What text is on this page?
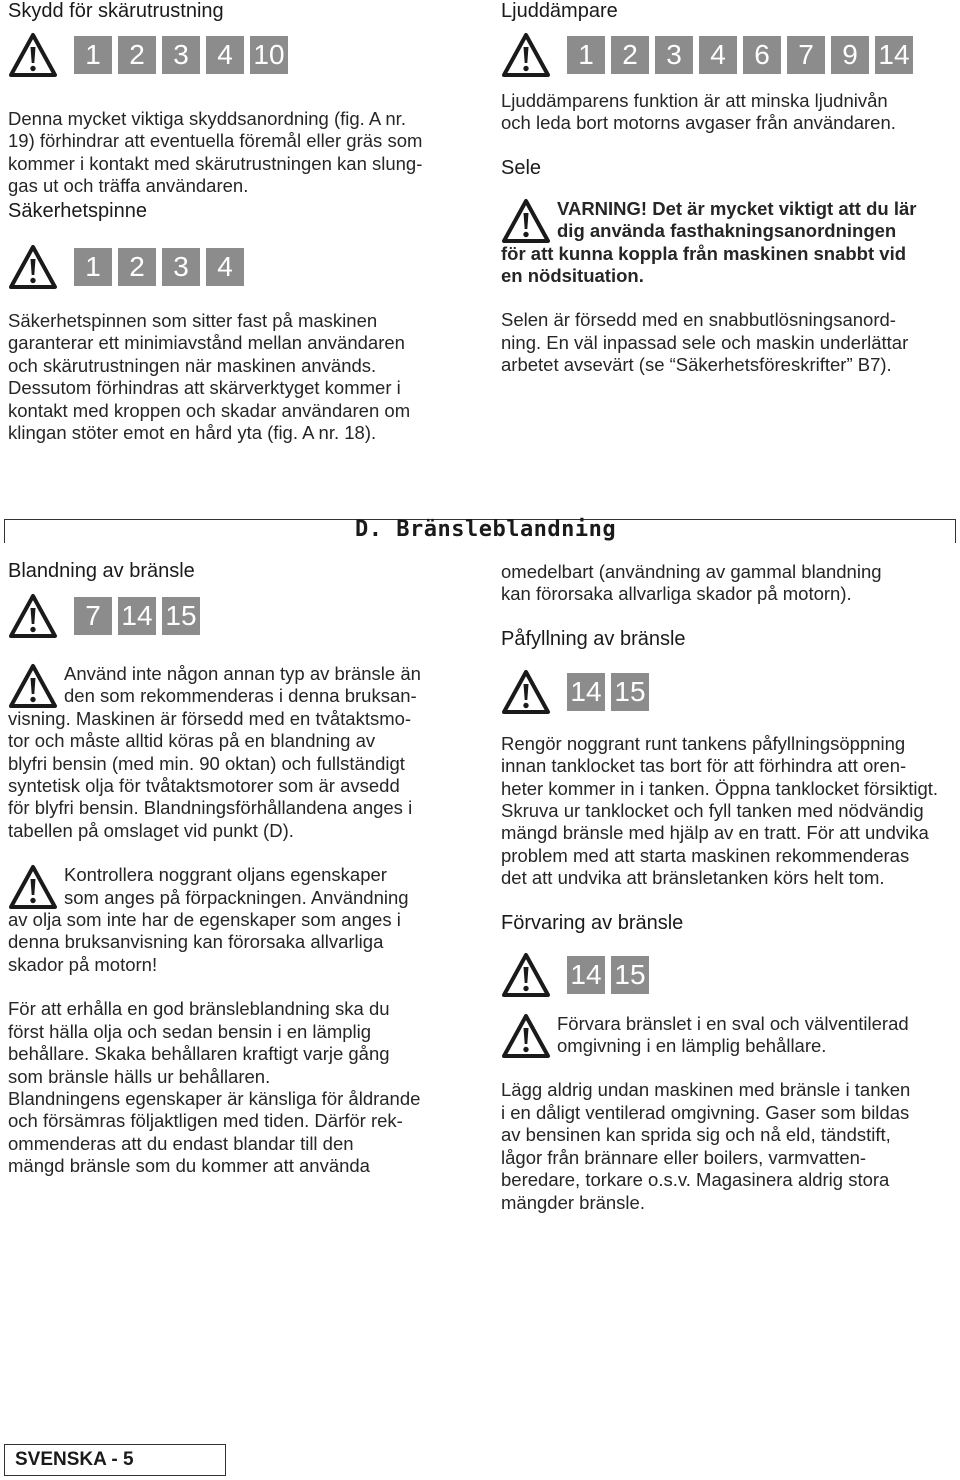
Skydd för skärutrustning

1	2	3	4 10

Denna mycket viktiga skyddsanordning (fig. A nr.

19) förhindrar att eventuella föremål eller gräs som

kommer i kontakt med skärutrustningen kan slung-

gas ut och träffa användaren.

Säkerhetspinne

1	2	3	4

Säkerhetspinnen som sitter fast på maskinen

garanterar ett minimiavstånd mellan användaren

och skärutrustningen när maskinen används.

Dessutom förhindras att skärverktyget kommer i

kontakt med kroppen och skadar användaren om

klingan stöter emot en hård yta (fig. A nr. 18).

Ljuddämpare

1	2	3	4	6	7	9 14

Ljuddämparens funktion är att minska ljudnivån

och leda bort motorns avgaser från användaren.

Sele

VARNING! Det är mycket viktigt att du lär

dig använda fasthakningsanordningen

för att kunna koppla från maskinen snabbt vid

en nödsituation.

Selen är försedd med en snabbutlösningsanord-

ning. En väl inpassad sele och maskin underlättar

arbetet avsevärt (se “Säkerhetsföreskrifter” B7).

D. Bränsleblandning

Blandning av bränsle

7 14 15

Använd inte någon annan typ av bränsle än

den som rekommenderas i denna bruksan-

visning. Maskinen är försedd med en tvåtaktsmo-

tor och måste alltid köras på en blandning av

blyfri bensin (med min. 90 oktan) och fullständigt

syntetisk olja för tvåtaktsmotorer som är avsedd

för blyfri bensin. Blandningsförhållandena anges i

tabellen på omslaget vid punkt (D).

Kontrollera noggrant oljans egenskaper

som anges på förpackningen. Användning

av olja som inte har de egenskaper som anges i

denna bruksanvisning kan förorsaka allvarliga

skador på motorn!

För att erhålla en god bränsleblandning ska du

först hälla olja och sedan bensin i en lämplig

behållare. Skaka behållaren kraftigt varje gång

som bränsle hälls ur behållaren.

Blandningens egenskaper är känsliga för åldrande

och försämras följaktligen med tiden. Därför rek-

ommenderas att du endast blandar till den

mängd bränsle som du kommer att använda

omedelbart (användning av gammal blandning

kan förorsaka allvarliga skador på motorn).

Påfyllning av bränsle

14 15

Rengör noggrant runt tankens påfyllningsöppning

innan tanklocket tas bort för att förhindra att oren-

heter kommer in i tanken. Öppna tanklocket försiktigt.

Skruva ur tanklocket och fyll tanken med nödvändig

mängd bränsle med hjälp av en tratt. För att undvika

problem med att starta maskinen rekommenderas

det att undvika att bränsletanken körs helt tom.

Förvaring av bränsle

14 15

Förvara bränslet i en sval och välventilerad

omgivning i en lämplig behållare.

Lägg aldrig undan maskinen med bränsle i tanken

i en dåligt ventilerad omgivning. Gaser som bildas

av bensinen kan sprida sig och nå eld, tändstift,

lågor från brännare eller boilers, varmvatten-

beredare, torkare o.s.v. Magasinera aldrig stora

mängder bränsle.

SVENSKA - 5
